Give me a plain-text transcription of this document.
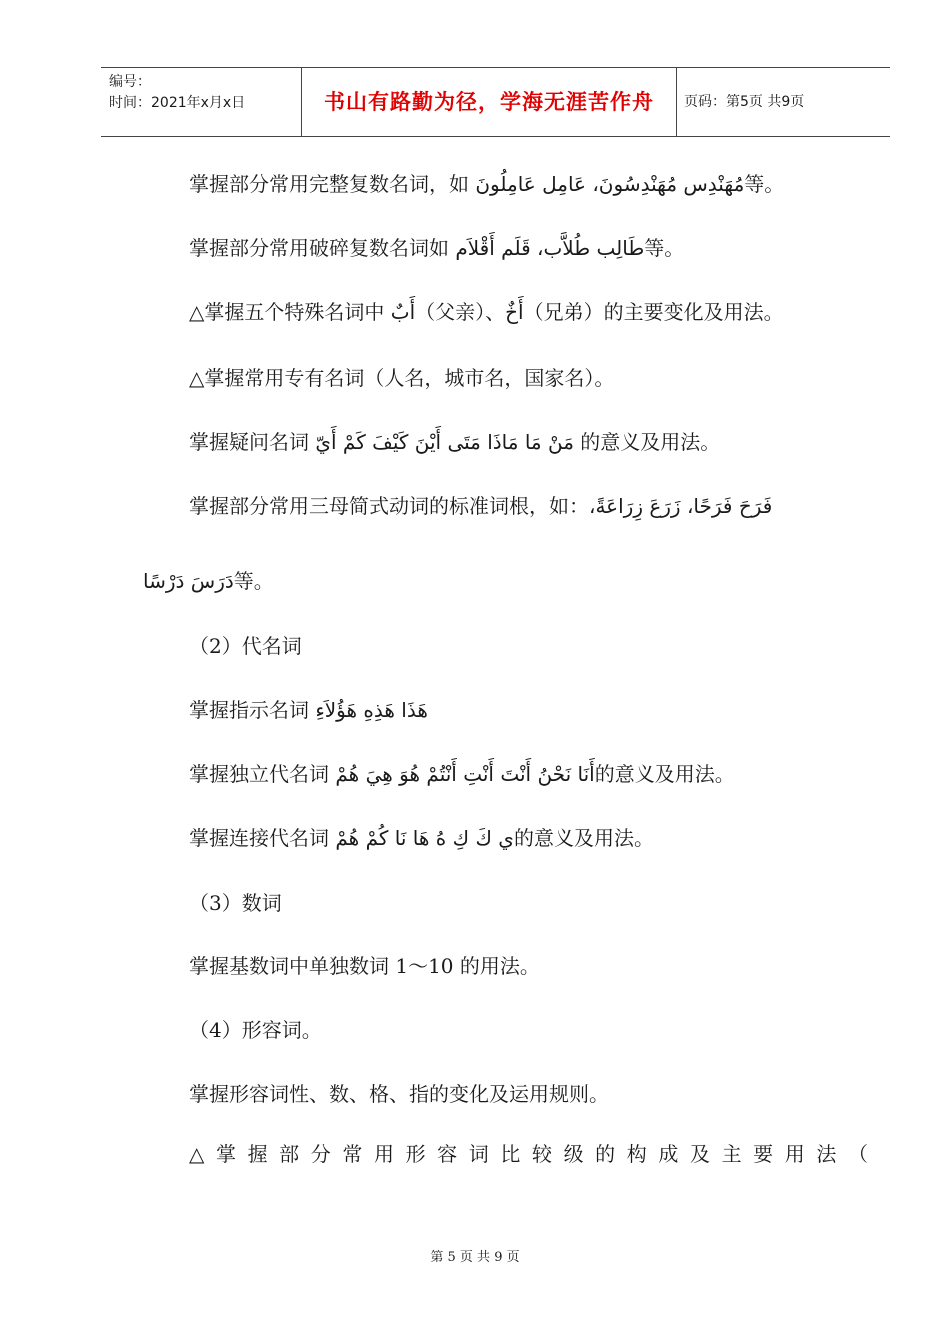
编号：
时间：2021年x月x日	书山有路勤为径，学海无涯苦作舟	页码：第5页 共9页
掌握部分常用完整复数名词，如 مُهَنْدِس مُهَنْدِسُونَ، عَامِل عَامِلُونَ等。
掌握部分常用破碎复数名词如 طَالِب طُلاَّب، قَلَم أَقْلاَم等。
△掌握五个特殊名词中 أَبٌ（父亲）、أَخٌ（兄弟）的主要变化及用法。
△掌握常用专有名词（人名，城市名，国家名）。
掌握疑问名词 مَنْ مَا مَاذَا مَتَى أَيْنَ كَيْفَ كَمْ أَيّ 的意义及用法。
掌握部分常用三母简式动词的标准词根，如：فَرَحَ فَرَحًا، زَرَعَ زِرَاعَةً،
دَرَسَ دَرْسًا等。
（2）代名词
掌握指示名词 هَذَا هَذِهِ هَؤُلاَءِ
掌握独立代名词 أَنَا نَحْنُ أَنْتَ أَنْتِ أَنْتُمْ هُوَ هِيَ هُمْ的意义及用法。
掌握连接代名词 ي كَ كِ هُ هَا نَا كُمْ هُمْ的意义及用法。
（3）数词
掌握基数词中单独数词 1～10 的用法。
（4）形容词。
掌握形容词性、数、格、指的变化及运用规则。
△掌握部分常用形容词比较级的构成及主要用法（
第 5 页 共 9 页
